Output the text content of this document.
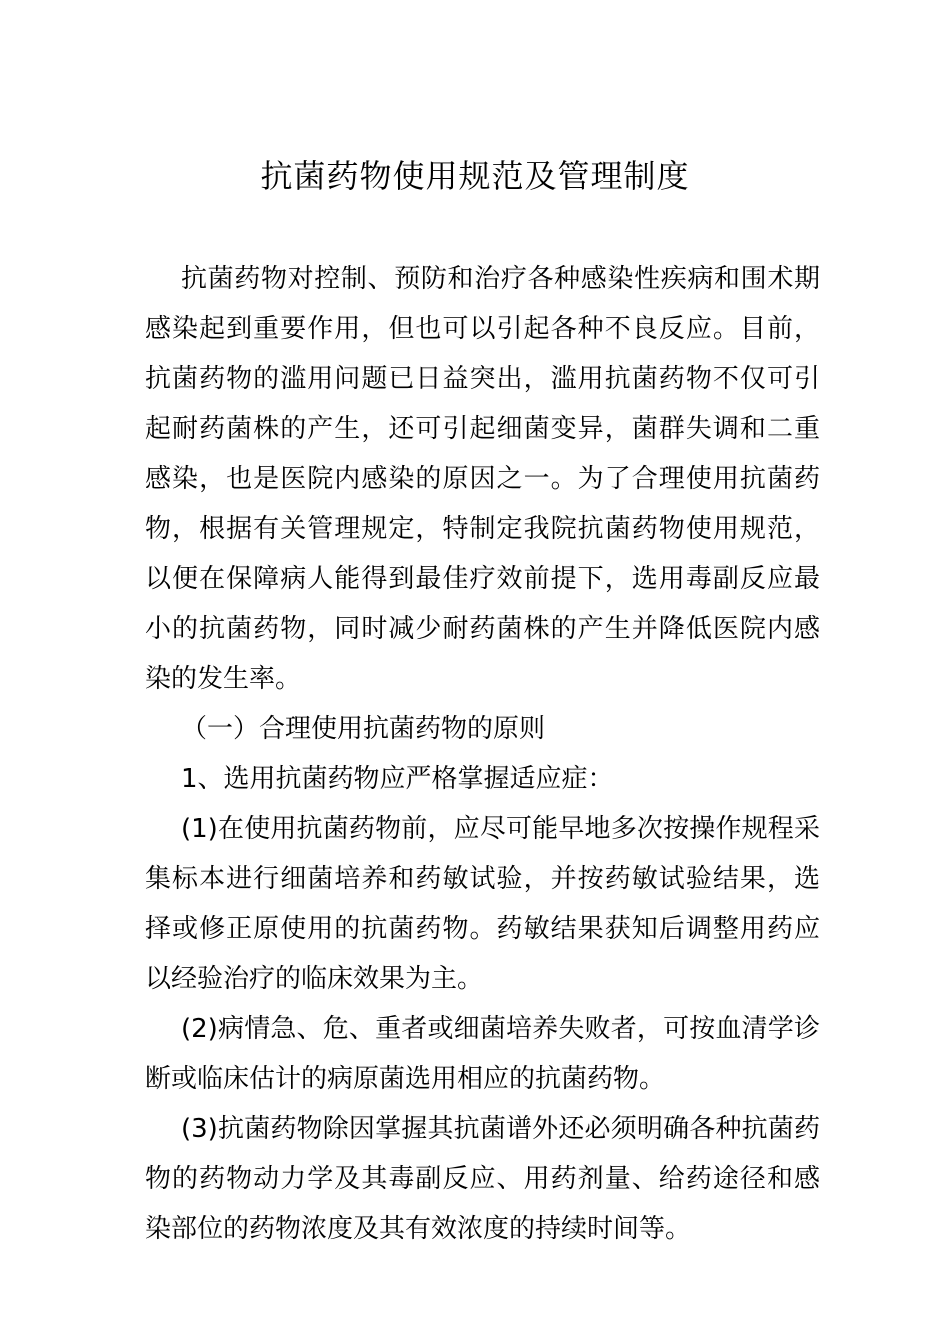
抗菌药物使用规范及管理制度

抗菌药物对控制、预防和治疗各种感染性疾病和围术期感染起到重要作用，但也可以引起各种不良反应。目前，抗菌药物的滥用问题已日益突出，滥用抗菌药物不仅可引起耐药菌株的产生，还可引起细菌变异，菌群失调和二重感染，也是医院内感染的原因之一。为了合理使用抗菌药物，根据有关管理规定，特制定我院抗菌药物使用规范，以便在保障病人能得到最佳疗效前提下，选用毒副反应最小的抗菌药物，同时减少耐药菌株的产生并降低医院内感染的发生率。

（一）合理使用抗菌药物的原则

1、选用抗菌药物应严格掌握适应症：

(1)在使用抗菌药物前，应尽可能早地多次按操作规程采集标本进行细菌培养和药敏试验，并按药敏试验结果，选择或修正原使用的抗菌药物。药敏结果获知后调整用药应以经验治疗的临床效果为主。

(2)病情急、危、重者或细菌培养失败者，可按血清学诊断或临床估计的病原菌选用相应的抗菌药物。

(3)抗菌药物除因掌握其抗菌谱外还必须明确各种抗菌药物的药物动力学及其毒副反应、用药剂量、给药途径和感染部位的药物浓度及其有效浓度的持续时间等。
